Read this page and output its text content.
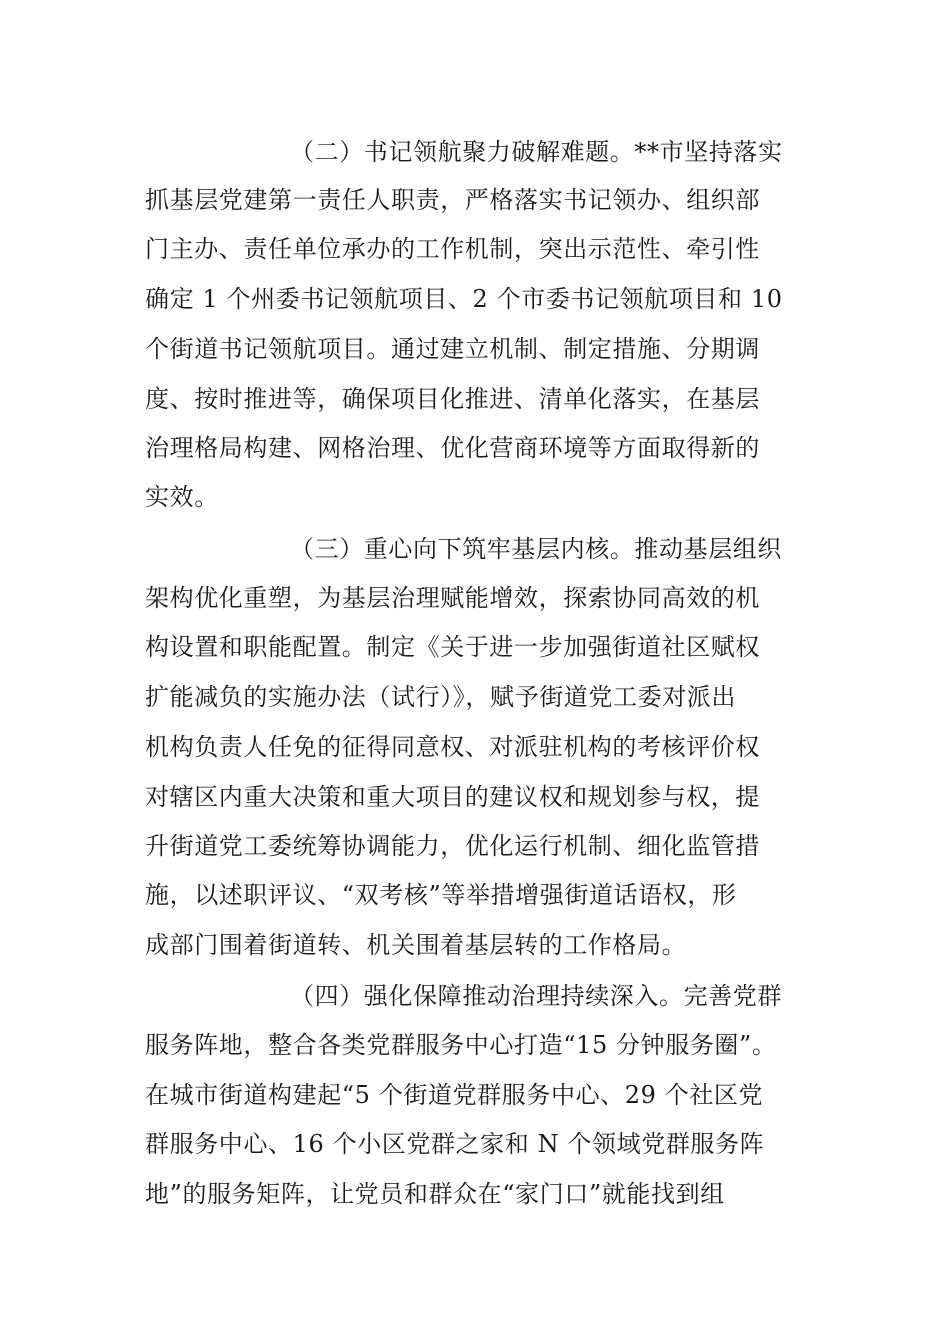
（二）书记领航聚力破解难题。**市坚持落实
抓基层党建第一责任人职责，严格落实书记领办、组织部
门主办、责任单位承办的工作机制，突出示范性、牵引性
确定 1 个州委书记领航项目、2 个市委书记领航项目和 10
个街道书记领航项目。通过建立机制、制定措施、分期调
度、按时推进等，确保项目化推进、清单化落实，在基层
治理格局构建、网格治理、优化营商环境等方面取得新的
实效。
（三）重心向下筑牢基层内核。推动基层组织
架构优化重塑，为基层治理赋能增效，探索协同高效的机
构设置和职能配置。制定《关于进一步加强街道社区赋权
扩能减负的实施办法（试行）》，赋予街道党工委对派出
机构负责人任免的征得同意权、对派驻机构的考核评价权
对辖区内重大决策和重大项目的建议权和规划参与权，提
升街道党工委统筹协调能力，优化运行机制、细化监管措
施，以述职评议、“双考核”等举措增强街道话语权，形
成部门围着街道转、机关围着基层转的工作格局。
（四）强化保障推动治理持续深入。完善党群
服务阵地，整合各类党群服务中心打造“15 分钟服务圈”。
在城市街道构建起“5 个街道党群服务中心、29 个社区党
群服务中心、16 个小区党群之家和 N 个领域党群服务阵
地”的服务矩阵，让党员和群众在“家门口”就能找到组
